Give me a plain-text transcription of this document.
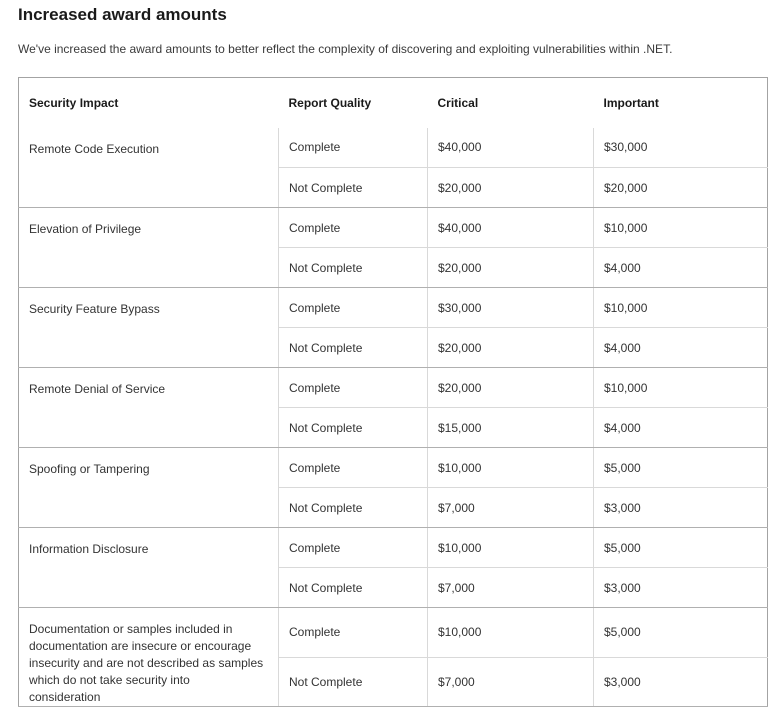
Increased award amounts

We've increased the award amounts to better reflect the complexity of discovering and exploiting vulnerabilities within .NET.

Security Impact	Report Quality	Critical	Important
Remote Code Execution	Complete	$40,000	$30,000
	Not Complete	$20,000	$20,000
Elevation of Privilege	Complete	$40,000	$10,000
	Not Complete	$20,000	$4,000
Security Feature Bypass	Complete	$30,000	$10,000
	Not Complete	$20,000	$4,000
Remote Denial of Service	Complete	$20,000	$10,000
	Not Complete	$15,000	$4,000
Spoofing or Tampering	Complete	$10,000	$5,000
	Not Complete	$7,000	$3,000
Information Disclosure	Complete	$10,000	$5,000
	Not Complete	$7,000	$3,000
Documentation or samples included in documentation are insecure or encourage insecurity and are not described as samples which do not take security into consideration	Complete	$10,000	$5,000
	Not Complete	$7,000	$3,000
